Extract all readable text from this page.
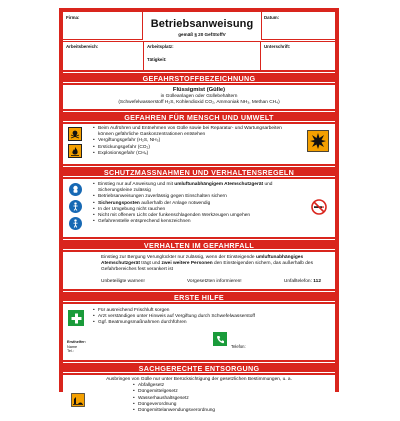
Firma:	Datum:
Betriebsanweisung
gemäß § 20 GefStoffV
Arbeitsbereich:	Arbeitsplatz:	Unterschrift:
Tätigkeit:
GEFAHRSTOFFBEZEICHNUNG
Flüssigmist (Gülle)
in Gülleanlagen oder Güllebehältern
(Schwefelwasserstoff H₂S, Kohlendioxid CO₂, Ammoniak NH₃, Methan CH₄)
GEFAHREN FÜR MENSCH UND UMWELT
• Beim Aufrühren und Entnehmen von Gülle sowie bei Reparatur- und Wartungsarbeiten können gefährliche Gaskonzentrationen entstehen
• Vergiftungsgefahr (H₂S, NH₃)
• Erstickungsgefahr (CO₂)
• Explosionsgefahr (CH₄)
SCHUTZMASSNAHMEN UND VERHALTENSREGELN
• Einstieg nur auf Anweisung und mit umluftunabhängigem Atemschutzgerät und Sicherungsleine zulässig
• Betriebsanweisungen zuverlässig gegen Einschalten sichern
• Sicherungsposten außerhalb der Anlage notwendig
• In der Umgebung nicht rauchen
• Nicht mit offenem Licht oder funkenschlagenden Werkzeugen umgehen
• Gefahrenstelle entsprechend kennzeichnen
VERHALTEN IM GEFAHRFALL
Einstieg zur Bergung Verunglückter nur zulässig, wenn der Einsteigende umluftunabhängiges Atemschutzgerät trägt und zwei weitere Personen den Einsteigenden sichern, das außerhalb des Gefahrbereiches fest verankert ist
Unbeteiligte warnen!	Vorgesetzten informieren!	Unfalltelefon: 112
ERSTE HILFE
Ersthelfer:
Name
Tel.:
Telefon:
• Für ausreichend Frischluft sorgen
• Arzt verständigen unter Hinweis auf Vergiftung durch Schwefelwasserstoff
• Ggf. Beatmungsmaßnahmen durchführen
SACHGERECHTE ENTSORGUNG
Ausbringen von Gülle nur unter Berücksichtigung der gesetzlichen Bestimmungen, u. a.
• Abfallgesetz
• Düngemittelgesetz
• Wasserhaushaltsgesetz
• Düngeverordnung
• Düngemittelanwendungsverordnung
